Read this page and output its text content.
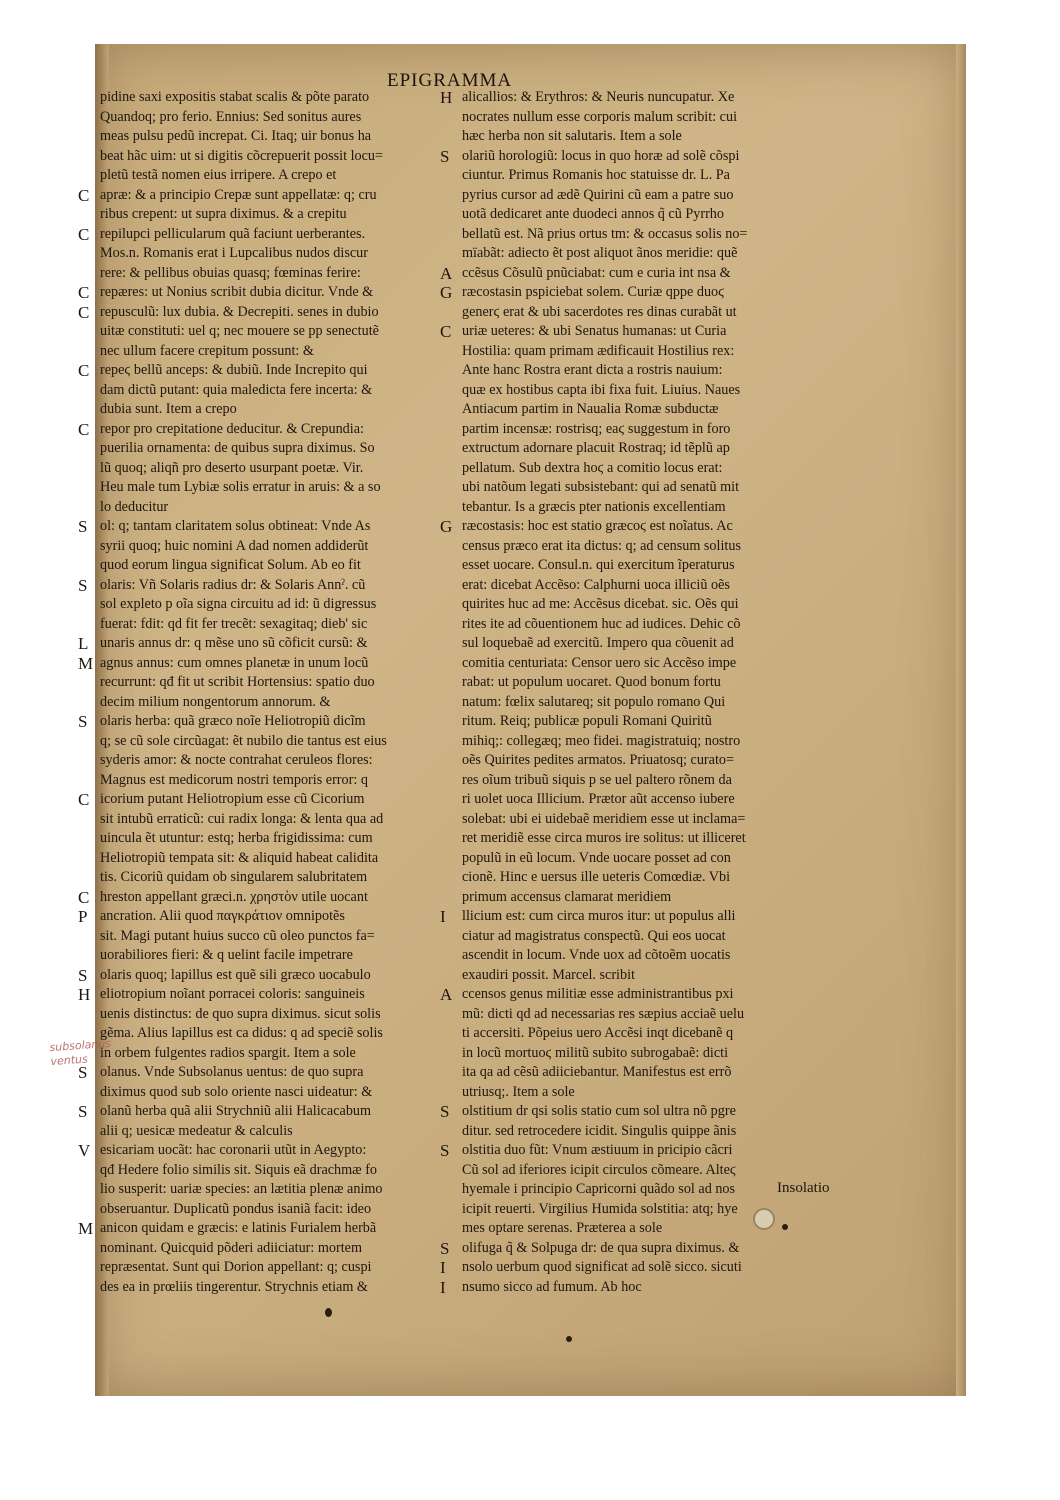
EPIGRAMMA
pidine saxi expositis stabat scalis & põte parato
Quandoq; pro ferio. Ennius: Sed sonitus aures
meas pulsu pedũ increpat. Ci. Itaq; uir bonus ha
beat hãc uim: ut si digitis cõcrepuerit possit locu=
pletũ testã nomen eius irripere. A crepo et
C apræ: & a principio Crepæ sunt appellatæ: q; cru
ribus crepent: ut supra diximus. & a crepitu
C repilupci pellicularum quã faciunt uerberantes.
Mos.n. Romanis erat i Lupcalibus nudos discur
rere: & pellibus obuias quasq; fœminas ferire:
C repæres: ut Nonius scribit dubia dicitur. Vnde &
C repusculũ: lux dubia. & Decrepiti. senes in dubio
uitæ constituti: uel q; nec mouere se pp senectutẽ
nec ullum facere crepitum possunt: &
C repeϛ bellũ anceps: & dubiũ. Inde Increpito qui
dam dictũ putant: quia maledicta fere incerta: &
dubia sunt. Item a crepo
C repor pro crepitatione deducitur. & Crepundia:
puerilia ornamenta: de quibus supra diximus. So
lũ quoq; aliqñ pro deserto usurpant poetæ. Vir.
Heu male tum Lybiæ solis erratur in aruis: & a so
lo deducitur
S ol: q; tantam claritatem solus obtineat: Vnde As
syrii quoq; huic nomini A dad nomen addiderũt
quod eorum lingua significat Solum. Ab eo fit
S olaris: Vñ Solaris radius dr: & Solaris Annˀ. cũ
sol expleto p oĩa signa circuitu ad id: ũ digressus
fuerat: fdit: qd fit fer trecẽt: sexagitaq; dieb' sic
L unaris annus dr: q mẽse uno sũ cõficit cursũ: &
M agnus annus: cum omnes planetæ in unum locũ
recurrunt: qđ fit ut scribit Hortensius: spatio duo
decim milium nongentorum annorum. &
S olaris herba: quã græco noĩe Heliotropiũ dicĩm
q; se cũ sole circũagat: ẽt nubilo die tantus est eius
syderis amor: & nocte contrahat ceruleos flores:
Magnus est medicorum nostri temporis error: q
C icorium putant Heliotropium esse cũ Cicorium
sit intubũ erraticũ: cui radix longa: & lenta qua ad
uincula ẽt utuntur: estq; herba frigidissima: cum
Heliotropiũ tempata sit: & aliquid habeat calidita
tis. Cicoriũ quidam ob singularem salubritatem
C hreston appellant græci.n. χρηστὸν utile uocant
P ancration. Alii quod παγκράτιον omnipotẽs
sit. Magi putant huius succo cũ oleo punctos fa=
uorabiliores fieri: & q uelint facile impetrare
S olaris quoq; lapillus est quẽ sili græco uocabulo
H eliotropium noĩant porracei coloris: sanguineis
uenis distinctus: de quo supra diximus. sicut solis
gẽma. Alius lapillus est ca didus: q ad speciẽ solis
in orbem fulgentes radios spargit. Item a sole
S olanus. Vnde Subsolanus uentus: de quo supra
diximus quod sub solo oriente nasci uideatur: &
S olanũ herba quã alii Strychniũ alii Halicacabum
alii q; uesicæ medeatur & calculis
V esicariam uocãt: hac coronarii utũt in Aegypto:
qđ Hedere folio similis sit. Siquis eã drachmæ fo
lio susperit: uariæ species: an lætitia plenæ animo
obseruantur. Duplicatũ pondus isaniã facit: ideo
M anicon quidam e græcis: e latinis Furialem herbã
nominant. Quicquid põderi adiiciatur: mortem
repræsentat. Sunt qui Dorion appellant: q; cuspi
des ea in prœliis tingerentur. Strychnis etiam &
H alicallios: & Erythros: & Neuris nuncupatur. Xe
nocrates nullum esse corporis malum scribit: cui
hæc herba non sit salutaris. Item a sole
S olariũ horologiũ: locus in quo horæ ad solẽ cõspi
ciuntur. Primus Romanis hoc statuisse dr. L. Pa
pyrius cursor ad ædẽ Quirini cũ eam a patre suo
uotã dedicaret ante duodeci annos q̃ cũ Pyrrho
bellatũ est. Nã prius ortus tm: & occasus solis no=
mïabãt: adiecto ẽt post aliquot ãnos meridie: quẽ
A ccẽsus Cõsulũ pnũciabat: cum e curia int nsa &
G ræcostasin pspiciebat solem. Curiæ qppe duoϛ
generϛ erat & ubi sacerdotes res dinas curabãt ut
C uriæ ueteres: & ubi Senatus humanas: ut Curia
Hostilia: quam primam ædificauit Hostilius rex:
Ante hanc Rostra erant dicta a rostris nauium:
quæ ex hostibus capta ibi fixa fuit. Liuius. Naues
Antiacum partim in Naualia Romæ subductæ
partim incensæ: rostrisq; eaϛ suggestum in foro
extructum adornare placuit Rostraq; id tẽplũ ap
pellatum. Sub dextra hoϛ a comitio locus erat:
ubi natõum legati subsistebant: qui ad senatũ mit
tebantur. Is a græcis pter nationis excellentiam
G ræcostasis: hoc est statio græcoϛ est noĩatus. Ac
census præco erat ita dictus: q; ad censum solitus
esset uocare. Consul.n. qui exercitum ĩperaturus
erat: dicebat Accẽso: Calphurni uoca illiciũ oẽs
quirites huc ad me: Accẽsus dicebat. sic. Oẽs qui
rites ite ad cõuentionem huc ad iudices. Dehic cõ
sul loquebaẽ ad exercitũ. Impero qua cõuenit ad
comitia centuriata: Censor uero sic Accẽso impe
rabat: ut populum uocaret. Quod bonum fortu
natum: fœlix salutareq; sit populo romano Qui
ritum. Reiq; publicæ populi Romani Quiritũ
mihiq;: collegæq; meo fidei. magistratuiq; nostro
oẽs Quirites pedites armatos. Priuatosq; curato=
res oĩum tribuũ siquis p se uel paltero rõnem da
ri uolet uoca Illicium. Prætor aũt accenso iubere
solebat: ubi ei uidebaẽ meridiem esse ut inclama=
ret meridiẽ esse circa muros ire solitus: ut illiceret
populũ in eũ locum. Vnde uocare posset ad con
cionẽ. Hinc e uersus ille ueteris Comœdiæ. Vbi
primum accensus clamarat meridiem
I llicium est: cum circa muros itur: ut populus alli
ciatur ad magistratus conspectũ. Qui eos uocat
ascendit in locum. Vnde uox ad cõtoẽm uocatis
exaudiri possit. Marcel. scribit
A ccensos genus militiæ esse administrantibus pxi
mũ: dicti qd ad necessarias res sæpius acciaẽ uelu
ti accersiti. Põpeius uero Accẽsi inqt dicebanẽ q
in locũ mortuoϛ militũ subito subrogabaẽ: dicti
ita qa ad cẽsũ adiiciebantur. Manifestus est errõ
utriusq;. Item a sole
S olstitium dr qsi solis statio cum sol ultra nõ pgre
ditur. sed retrocedere icidit. Singulis quippe ãnis
S olstitia duo fũt: Vnum æstiuum in pricipio cãcri
Cũ sol ad iferiores icipit circulos cõmeare. Alteϛ
hyemale i principio Capricorni quãdo sol ad nos
icipit reuerti. Virgilius Humida solstitia: atq; hye
mes optare serenas. Præterea a sole
S olifuga q̃ & Solpuga dr: de qua supra diximus. &
I nsolo uerbum quod significat ad solẽ sicco. sicuti
I nsumo sicco ad fumum. Ab hoc
subsolanus ventus
Insolatio
